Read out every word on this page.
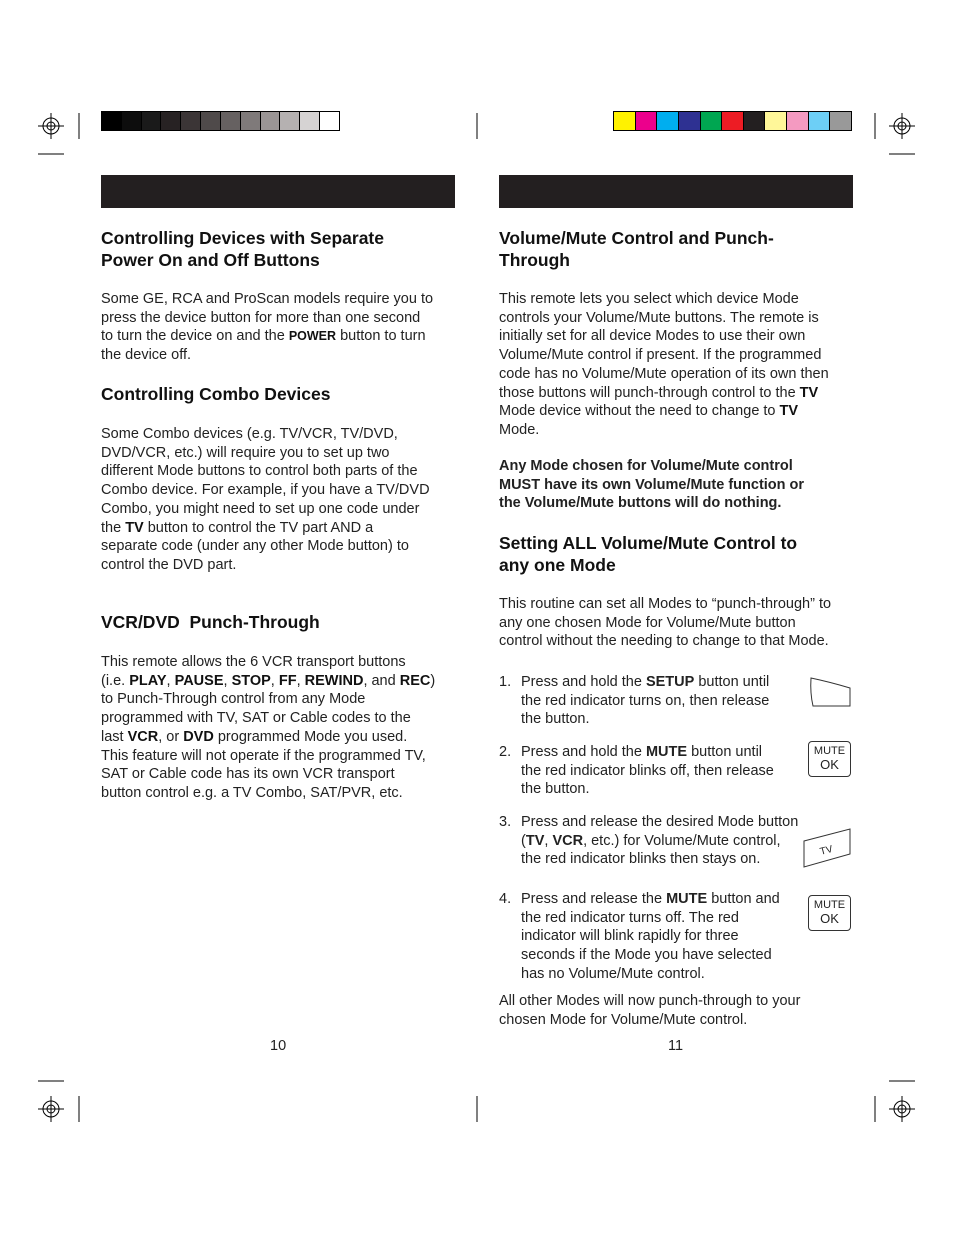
Controlling Devices with Separate
Power On and Off Buttons
Some GE, RCA and ProScan models require you to
press the device button for more than one second
to turn the device on and the POWER button to turn
the device off.
Controlling Combo Devices
Some Combo devices (e.g. TV/VCR, TV/DVD,
DVD/VCR, etc.) will require you to set up two
different Mode buttons to control both parts of the
Combo device. For example, if you have a TV/DVD
Combo, you might need to set up one code under
the TV button to control the TV part AND a
separate code (under any other Mode button) to
control the DVD part.
VCR/DVD  Punch-Through
This remote allows the 6 VCR transport buttons
(i.e. PLAY, PAUSE, STOP, FF, REWIND, and REC)
to Punch-Through control from any Mode
programmed with TV, SAT or Cable codes to the
last VCR, or DVD programmed Mode you used.
This feature will not operate if the programmed TV,
SAT or Cable code has its own VCR transport
button control e.g. a TV Combo, SAT/PVR, etc.
10
Volume/Mute Control and Punch-
Through
This remote lets you select which device Mode
controls your Volume/Mute buttons. The remote is
initially set for all device Modes to use their own
Volume/Mute control if present. If the programmed
code has no Volume/Mute operation of its own then
those buttons will punch-through control to the TV
Mode device without the need to change to TV
Mode.
Any Mode chosen for Volume/Mute control
MUST have its own Volume/Mute function or
the Volume/Mute buttons will do nothing.
Setting ALL Volume/Mute Control to
any one Mode
This routine can set all Modes to “punch-through” to
any one chosen Mode for Volume/Mute button
control without the needing to change to that Mode.
1. Press and hold the SETUP button until
the red indicator turns on, then release
the button.
2. Press and hold the MUTE button until
the red indicator blinks off, then release
the button.
MUTE
OK
3. Press and release the desired Mode button
(TV, VCR, etc.) for Volume/Mute control,
the red indicator blinks then stays on.
TV
4. Press and release the MUTE button and
the red indicator turns off. The red
indicator will blink rapidly for three
seconds if the Mode you have selected
has no Volume/Mute control.
MUTE
OK
All other Modes will now punch-through to your
chosen Mode for Volume/Mute control.
11
